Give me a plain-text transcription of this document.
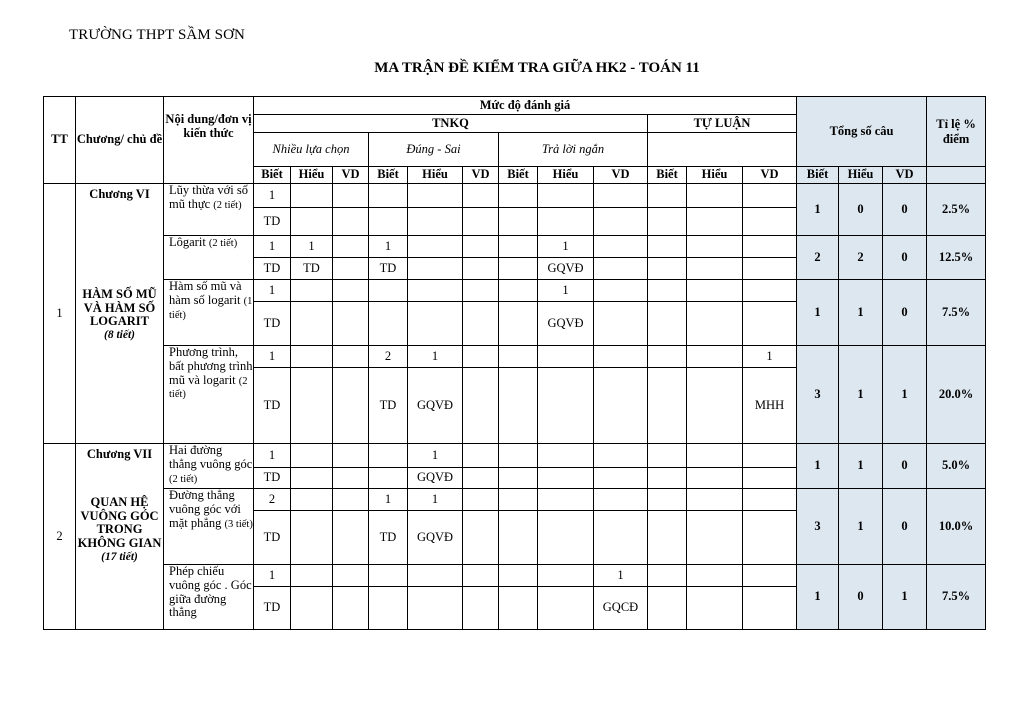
TRƯỜNG THPT SẦM SƠN
MA TRẬN ĐỀ KIỂM TRA GIỮA HK2 - TOÁN 11
TT	Chương/ chủ đề	Nội dung/đơn vị kiến thức	Mức độ đánh giá												Tổng số câu			Tỉ lệ % điểm
			TNKQ									TỰ LUẬN						
			Nhiều lựa chọn			Đúng - Sai			Trả lời ngắn									
			Biết	Hiểu	VD	Biết	Hiểu	VD	Biết	Hiểu	VD	Biết	Hiểu	VD	Biết	Hiểu	VD	
1	Chương VI
HÀM SỐ MŨ VÀ HÀM SỐ LOGARIT
(8 tiết)	Lũy thừa với số mũ thực (2 tiết)	1												1	0	0	2.5%
			TD															
		Lôgarit (2 tiết)	1	1		1				1					2	2	0	12.5%
			TD	TD		TD				GQVĐ								
		Hàm số mũ và hàm số logarit (1 tiết)	1							1					1	1	0	7.5%
			TD							GQVĐ								
		Phương trình, bất phương trình mũ và logarit (2 tiết)	1			2	1							1	3	1	1	20.0%
			TD			TD	GQVĐ							MHH				
2	Chương VII
QUAN HỆ VUÔNG GÓC TRONG KHÔNG GIAN
(17 tiết)	Hai đường thẳng vuông góc (2 tiết)	1				1								1	1	0	5.0%
			TD				GQVĐ											
		Đường thẳng vuông góc với mặt phẳng (3 tiết)	2			1	1								3	1	0	10.0%
			TD			TD	GQVĐ											
		Phép chiếu vuông góc . Góc giữa đường thẳng	1								1				1	0	1	7.5%
			TD								GQCĐ							
